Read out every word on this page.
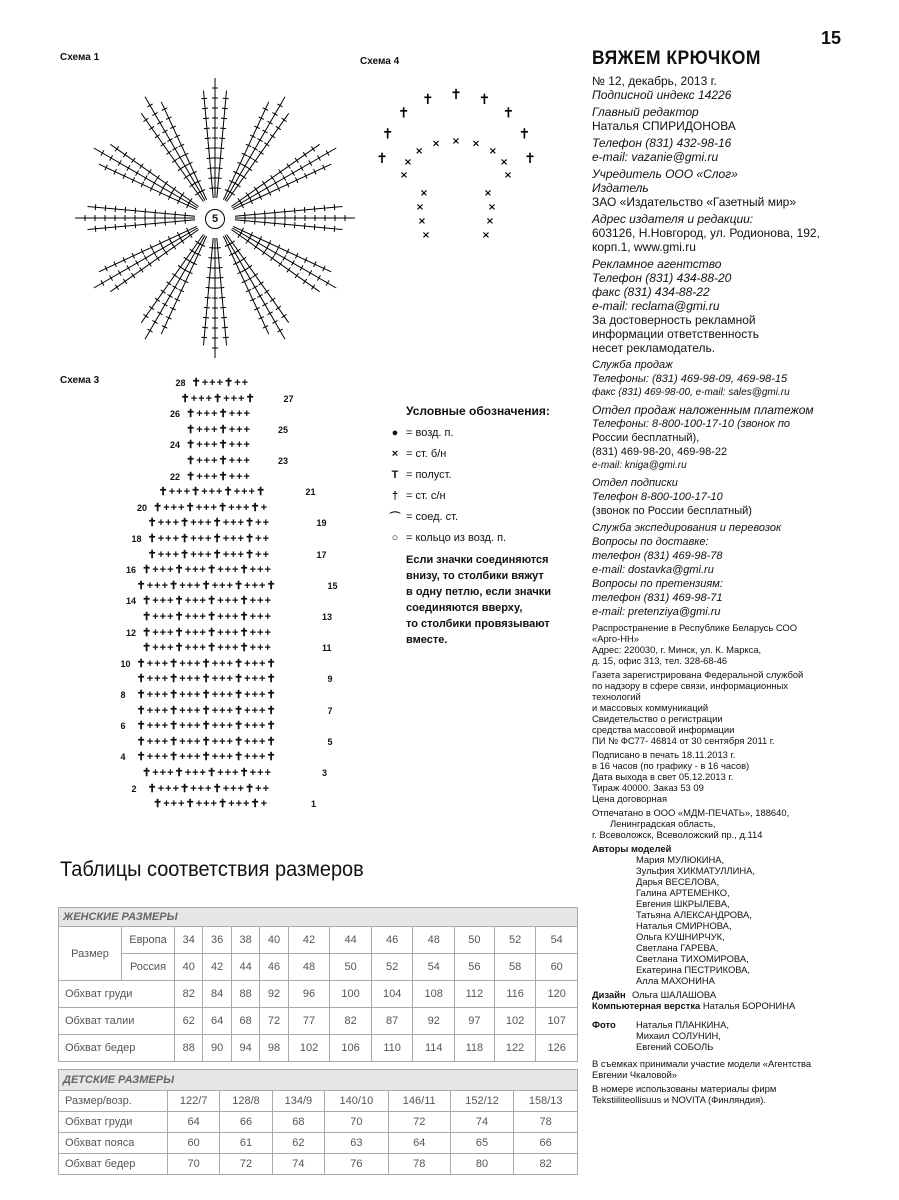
15
Схема 1
5
Схема 4
✝
✝
✝
✝ ✝ ✝
✝
✝
✝
×
×
×
× × ×
×
×
×
×
×
×
×
×
×
×
×
Схема 3	28 ✝+++✝++
27
✝+++✝+++✝
26 ✝+++✝+++
25
✝+++✝+++
24 ✝+++✝+++
23
✝+++✝+++
22 ✝+++✝+++
21
✝+++✝+++✝+++✝
20 ✝+++✝+++✝+++✝+
19
✝+++✝+++✝+++✝++
18 ✝+++✝+++✝+++✝++
17
✝+++✝+++✝+++✝++
16 ✝+++✝+++✝+++✝+++
15
✝+++✝+++✝+++✝+++✝
14 ✝+++✝+++✝+++✝+++
13
✝+++✝+++✝+++✝+++
12 ✝+++✝+++✝+++✝+++
11
✝+++✝+++✝+++✝+++
10 ✝+++✝+++✝+++✝+++✝
9
✝+++✝+++✝+++✝+++✝
8 ✝+++✝+++✝+++✝+++✝
7
✝+++✝+++✝+++✝+++✝
6 ✝+++✝+++✝+++✝+++✝
5
✝+++✝+++✝+++✝+++✝
4 ✝+++✝+++✝+++✝+++✝
3
✝+++✝+++✝+++✝+++
2 ✝+++✝+++✝+++✝++
1
✝+++✝+++✝+++✝+
Условные обозначения:
● = возд. п.
× = ст. б/н
T = полуст.
† = ст. с/н
⌒ = соед. ст.
○ = кольцо из возд. п.
Если значки соединяются
внизу, то столбики вяжут
в одну петлю, если значки
соединяются вверху,
то столбики провязывают
вместе.
ВЯЖЕМ КРЮЧКОМ
№ 12, декабрь, 2013 г.
Подписной индекс 14226
Главный редактор
Наталья СПИРИДОНОВА
Телефон (831) 432-98-16
e-mail: vazanie@gmi.ru
Учредитель ООО «Слог»
Издатель
ЗАО «Издательство «Газетный мир»
Адрес издателя и редакции:
603126, Н.Новгород, ул. Родионова, 192,
корп.1, www.gmi.ru
Рекламное агентство
Телефон (831) 434-88-20
факс (831) 434-88-22
e-mail: reclama@gmi.ru
За достоверность рекламной
информации ответственность
несет рекламодатель.
Служба продаж
Телефоны: (831) 469-98-09, 469-98-15
факс (831) 469-98-00, e-mail: sales@gmi.ru
Отдел продаж наложенным платежом
Телефоны: 8-800-100-17-10 (звонок по
России бесплатный),
(831) 469-98-20, 469-98-22
e-mail: kniga@gmi.ru
Отдел подписки
Телефон 8-800-100-17-10
(звонок по России бесплатный)
Служба экспедирования и перевозок
Вопросы по доставке:
телефон (831) 469-98-78
e-mail: dostavka@gmi.ru
Вопросы по претензиям:
телефон (831) 469-98-71
e-mail: pretenziya@gmi.ru
Распространение в Республике Беларусь СОО
«Арго-НН»
Адрес: 220030, г. Минск, ул. К. Маркса,
д. 15, офис 313, тел. 328-68-46
Газета зарегистрирована Федеральной службой
по надзору в сфере связи, информационных
технологий
и массовых коммуникаций
Свидетельство о регистрации
средства массовой информации
ПИ № ФС77- 46814 от 30 сентября 2011 г.
Подписано в печать 18.11.2013 г.
в 16 часов (по графику - в 16 часов)
Дата выхода в свет 05.12.2013 г.
Тираж 40000. Заказ 53 09
Цена договорная
Отпечатано в ООО «МДМ-ПЕЧАТЬ», 188640,
Ленинградская область,
г. Всеволожск, Всеволожский пр., д.114
Авторы моделей
Мария МУЛЮКИНА,
Зульфия ХИКМАТУЛЛИНА,
Дарья ВЕСЕЛОВА,
Галина АРТЕМЕНКО,
Евгения ШКРЫЛЕВА,
Татьяна АЛЕКСАНДРОВА,
Наталья СМИРНОВА,
Ольга КУШНИРЧУК,
Светлана ГАРЕВА,
Светлана ТИХОМИРОВА,
Екатерина ПЕСТРИКОВА,
Алла МАХОНИНА
Дизайн Ольга ШАЛАШОВА
Компьютерная верстка Наталья БОРОНИНА
Фото	Наталья ПЛАНКИНА,
Михаил СОЛУНИН,
Евгений СОБОЛЬ
В съемках принимали участие модели «Агентства
Евгении Чкаловой»
В номере использованы материалы фирм
Tekstiiliteollisuus и NOVITA (Финляндия).
Таблицы соответствия размеров
ЖЕНСКИЕ РАЗМЕРЫ												
Размер	Европа	34	36	38	40	42	44	46	48	50	52	54
	Россия	40	42	44	46	48	50	52	54	56	58	60
Обхват груди		82	84	88	92	96	100	104	108	112	116	120
Обхват талии		62	64	68	72	77	82	87	92	97	102	107
Обхват бедер		88	90	94	98	102	106	110	114	118	122	126
ДЕТСКИЕ РАЗМЕРЫ							
Размер/возр.	122/7	128/8	134/9	140/10	146/11	152/12	158/13
Обхват груди	64	66	68	70	72	74	78
Обхват пояса	60	61	62	63	64	65	66
Обхват бедер	70	72	74	76	78	80	82
